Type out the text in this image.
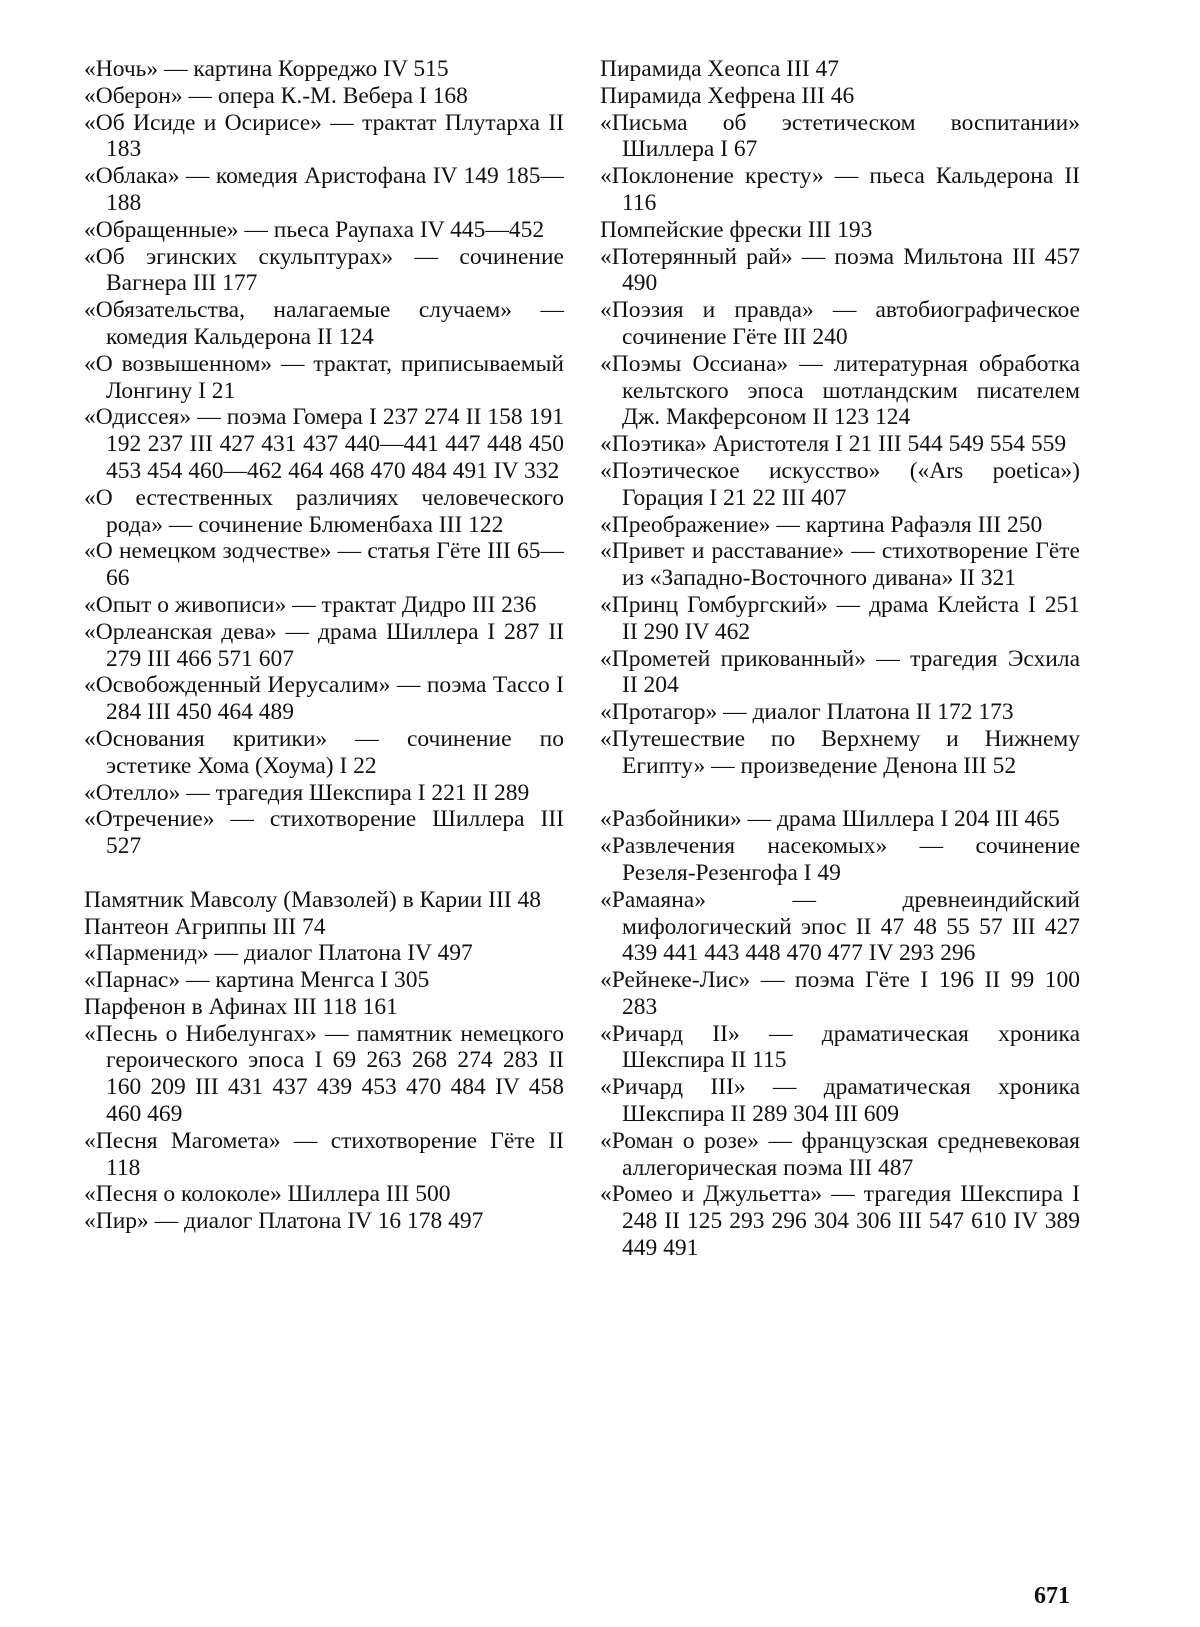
«Ночь» — картина Корреджо IV 515
«Оберон» — опера К.-М. Вебера I 168
«Об Исиде и Осирисе» — трактат Плутарха II 183
«Облака» — комедия Аристофана IV 149 185—188
«Обращенные» — пьеса Раупаха IV 445—452
«Об эгинских скульптурах» — сочинение Вагнера III 177
«Обязательства, налагаемые случаем» — комедия Кальдерона II 124
«О возвышенном» — трактат, приписываемый Лонгину I 21
«Одиссея» — поэма Гомера I 237 274 II 158 191 192 237 III 427 431 437 440—441 447 448 450 453 454 460—462 464 468 470 484 491 IV 332
«О естественных различиях человеческого рода» — сочинение Блюменбаха III 122
«О немецком зодчестве» — статья Гёте III 65—66
«Опыт о живописи» — трактат Дидро III 236
«Орлеанская дева» — драма Шиллера I 287 II 279 III 466 571 607
«Освобожденный Иерусалим» — поэма Тассо I 284 III 450 464 489
«Основания критики» — сочинение по эстетике Хома (Хоума) I 22
«Отелло» — трагедия Шекспира I 221 II 289
«Отречение» — стихотворение Шиллера III 527
Памятник Мавсолу (Мавзолей) в Карии III 48
Пантеон Агриппы III 74
«Парменид» — диалог Платона IV 497
«Парнас» — картина Менгса I 305
Парфенон в Афинах III 118 161
«Песнь о Нибелунгах» — памятник немецкого героического эпоса I 69 263 268 274 283 II 160 209 III 431 437 439 453 470 484 IV 458 460 469
«Песня Магомета» — стихотворение Гёте II 118
«Песня о колоколе» Шиллера III 500
«Пир» — диалог Платона IV 16 178 497
Пирамида Хеопса III 47
Пирамида Хефрена III 46
«Письма об эстетическом воспитании» Шиллера I 67
«Поклонение кресту» — пьеса Кальдерона II 116
Помпейские фрески III 193
«Потерянный рай» — поэма Мильтона III 457 490
«Поэзия и правда» — автобиографическое сочинение Гёте III 240
«Поэмы Оссиана» — литературная обработка кельтского эпоса шотландским писателем Дж. Макферсоном II 123 124
«Поэтика» Аристотеля I 21 III 544 549 554 559
«Поэтическое искусство» («Ars poetica») Горация I 21 22 III 407
«Преображение» — картина Рафаэля III 250
«Привет и расставание» — стихотворение Гёте из «Западно-Восточного дивана» II 321
«Принц Гомбургский» — драма Клейста I 251 II 290 IV 462
«Прометей прикованный» — трагедия Эсхила II 204
«Протагор» — диалог Платона II 172 173
«Путешествие по Верхнему и Нижнему Египту» — произведение Денона III 52
«Разбойники» — драма Шиллера I 204 III 465
«Развлечения насекомых» — сочинение Резеля-Резенгофа I 49
«Рамаяна» — древнеиндийский мифологический эпос II 47 48 55 57 III 427 439 441 443 448 470 477 IV 293 296
«Рейнеке-Лис» — поэма Гёте I 196 II 99 100 283
«Ричард II» — драматическая хроника Шекспира II 115
«Ричард III» — драматическая хроника Шекспира II 289 304 III 609
«Роман о розе» — французская средневековая аллегорическая поэма III 487
«Ромео и Джульетта» — трагедия Шекспира I 248 II 125 293 296 304 306 III 547 610 IV 389 449 491
671
